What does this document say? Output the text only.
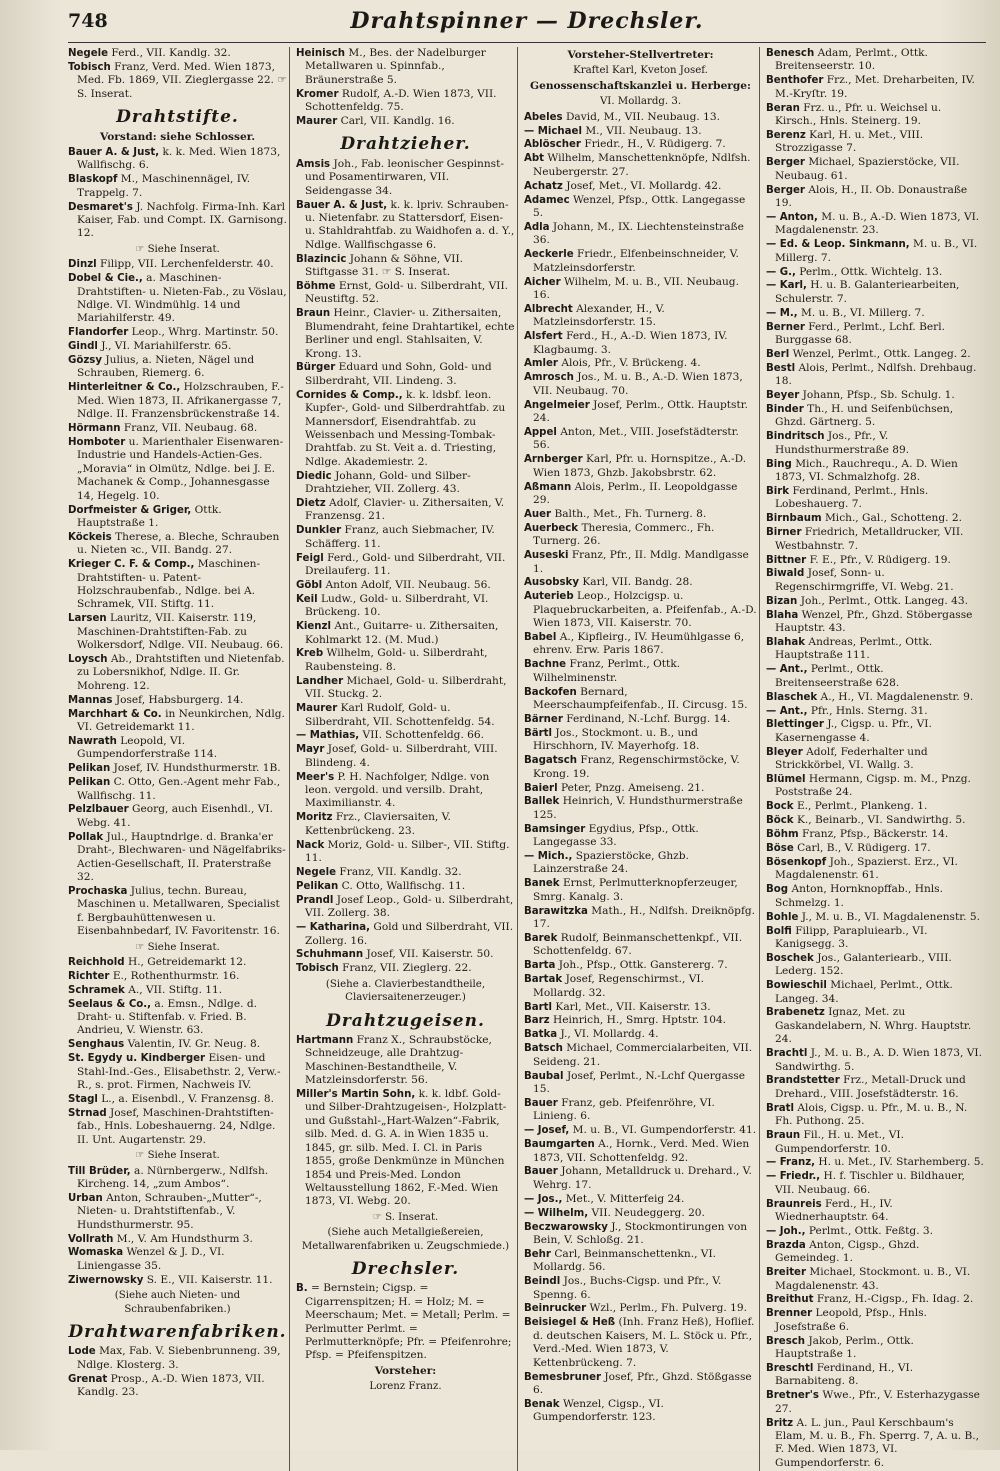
748	Drahtspinner — Drechsler.
Negele Ferd., VII. Kandlg. 32.
Tobisch Franz, Verd. Med. Wien 1873, Med. Fb. 1869, VII. Zieglergasse 22. ☞ S. Inserat.
Drahtstifte.
Vorstand: siehe Schlosser.
Bauer A. & Just, k. k. Med. Wien 1873, Wallfischg. 6.
Blaskopf M., Maschinennägel, IV. Trappelg. 7.
Desmaret's J. Nachfolg. Firma-Inh. Karl Kaiser, Fab. und Compt. IX. Garnisong. 12.
☞ Siehe Inserat.
Dinzl Filipp, VII. Lerchenfelderstr. 40.
Dobel & Cie., a. Maschinen-Drahtstiften- u. Nieten-Fab., zu Vöslau, Ndlge. VI. Windmühlg. 14 und Mariahilferstr. 49.
Flandorfer Leop., Whrg. Martinstr. 50.
Gindl J., VI. Mariahilferstr. 65.
Gözsy Julius, a. Nieten, Nägel und Schrauben, Riemerg. 6.
Hinterleitner & Co., Holzschrauben, F.-Med. Wien 1873, II. Afrikanergasse 7, Ndlge. II. Franzensbrückenstraße 14.
Hörmann Franz, VII. Neubaug. 68.
Homboter u. Marienthaler Eisenwaren-Industrie und Handels-Actien-Ges. „Moravia“ in Olmütz, Ndlge. bei J. E. Machanek & Comp., Johannesgasse 14, Hegelg. 10.
Dorfmeister & Griger, Ottk. Hauptstraße 1.
Köckeis Therese, a. Bleche, Schrauben u. Nieten ꝛc., VII. Bandg. 27.
Krieger C. F. & Comp., Maschinen-Drahtstiften- u. Patent-Holzschraubenfab., Ndlge. bei A. Schramek, VII. Stiftg. 11.
Larsen Lauritz, VII. Kaiserstr. 119, Maschinen-Drahtstiften-Fab. zu Wolkersdorf, Ndlge. VII. Neubaug. 66.
Loysch Ab., Drahtstiften und Nietenfab. zu Lobersnikhof, Ndlge. II. Gr. Mohreng. 12.
Mannas Josef, Habsburgerg. 14.
Marchhart & Co. in Neunkirchen, Ndlg. VI. Getreidemarkt 11.
Nawrath Leopold, VI. Gumpendorferstraße 114.
Pelikan Josef, IV. Hundsthurmerstr. 1B.
Pelikan C. Otto, Gen.-Agent mehr Fab., Wallfischg. 11.
Pelzlbauer Georg, auch Eisenhdl., VI. Webg. 41.
Pollak Jul., Hauptndrlge. d. Branka'er Draht-, Blechwaren- und Nägelfabriks-Actien-Gesellschaft, II. Praterstraße 32.
Prochaska Julius, techn. Bureau, Maschinen u. Metallwaren, Specialist f. Bergbauhüttenwesen u. Eisenbahnbedarf, IV. Favoritenstr. 16.
☞ Siehe Inserat.
Reichhold H., Getreidemarkt 12.
Richter E., Rothenthurmstr. 16.
Schramek A., VII. Stiftg. 11.
Seelaus & Co., a. Emsn., Ndlge. d. Draht- u. Stiftenfab. v. Fried. B. Andrieu, V. Wienstr. 63.
Senghaus Valentin, IV. Gr. Neug. 8.
St. Egydy u. Kindberger Eisen- und Stahl-Ind.-Ges., Elisabethstr. 2, Verw.-R., s. prot. Firmen, Nachweis IV.
Stagl L., a. Eisenbdl., V. Franzensg. 8.
Strnad Josef, Maschinen-Drahtstiften-fab., Hnls. Lobeshauerng. 24, Ndlge. II. Unt. Augartenstr. 29.
☞ Siehe Inserat.
Till Brüder, a. Nürnbergerw., Ndlfsh. Kircheng. 14, „zum Ambos“.
Urban Anton, Schrauben-„Mutter“-, Nieten- u. Drahtstiftenfab., V. Hundsthurmerstr. 95.
Vollrath M., V. Am Hundsthurm 3.
Womaska Wenzel & J. D., VI. Liniengasse 35.
Ziwernowsky S. E., VII. Kaiserstr. 11.
(Siehe auch Nieten- und Schraubenfabriken.)
Drahtwarenfabriken.
Lode Max, Fab. V. Siebenbrunneng. 39, Ndlge. Klosterg. 3.
Grenat Prosp., A.-D. Wien 1873, VII. Kandlg. 23.
Heinisch M., Bes. der Nadelburger Metallwaren u. Spinnfab., Bräunerstraße 5.
Kromer Rudolf, A.-D. Wien 1873, VII. Schottenfeldg. 75.
Maurer Carl, VII. Kandlg. 16.
Drahtzieher.
Amsis Joh., Fab. leonischer Gespinnst- und Posamentirwaren, VII. Seidengasse 34.
Bauer A. & Just, k. k. lpriv. Schrauben- u. Nietenfabr. zu Stattersdorf, Eisen- u. Stahldrahtfab. zu Waidhofen a. d. Y., Ndlge. Wallfischgasse 6.
Blazincic Johann & Söhne, VII. Stiftgasse 31. ☞ S. Inserat.
Böhme Ernst, Gold- u. Silberdraht, VII. Neustiftg. 52.
Braun Heinr., Clavier- u. Zithersaiten, Blumendraht, feine Drahtartikel, echte Berliner und engl. Stahlsaiten, V. Krong. 13.
Bürger Eduard und Sohn, Gold- und Silberdraht, VII. Lindeng. 3.
Cornides & Comp., k. k. ldsbf. leon. Kupfer-, Gold- und Silberdrahtfab. zu Mannersdorf, Eisendrahtfab. zu Weissenbach und Messing-Tombak-Drahtfab. zu St. Veit a. d. Triesting, Ndlge. Akademiestr. 2.
Diedic Johann, Gold- und Silber-Drahtzieher, VII. Zollerg. 43.
Dietz Adolf, Clavier- u. Zithersaiten, V. Franzensg. 21.
Dunkler Franz, auch Siebmacher, IV. Schäfferg. 11.
Feigl Ferd., Gold- und Silberdraht, VII. Dreilauferg. 11.
Göbl Anton Adolf, VII. Neubaug. 56.
Keil Ludw., Gold- u. Silberdraht, VI. Brückeng. 10.
Kienzl Ant., Guitarre- u. Zithersaiten, Kohlmarkt 12. (M. Mud.)
Kreb Wilhelm, Gold- u. Silberdraht, Raubensteing. 8.
Landher Michael, Gold- u. Silberdraht, VII. Stuckg. 2.
Maurer Karl Rudolf, Gold- u. Silberdraht, VII. Schottenfeldg. 54.
— Mathias, VII. Schottenfeldg. 66.
Mayr Josef, Gold- u. Silberdraht, VIII. Blindeng. 4.
Meer's P. H. Nachfolger, Ndlge. von leon. vergold. und versilb. Draht, Maximilianstr. 4.
Moritz Frz., Claviersaiten, V. Kettenbrückeng. 23.
Nack Moriz, Gold- u. Silber-, VII. Stiftg. 11.
Negele Franz, VII. Kandlg. 32.
Pelikan C. Otto, Wallfischg. 11.
Prandl Josef Leop., Gold- u. Silberdraht, VII. Zollerg. 38.
— Katharina, Gold und Silberdraht, VII. Zollerg. 16.
Schuhmann Josef, VII. Kaiserstr. 50.
Tobisch Franz, VII. Zieglerg. 22.
(Siehe a. Clavierbestandtheile, Claviersaitenerzeuger.)
Drahtzugeisen.
Hartmann Franz X., Schraubstöcke, Schneidzeuge, alle Drahtzug-Maschinen-Bestandtheile, V. Matzleinsdorferstr. 56.
Miller's Martin Sohn, k. k. ldbf. Gold- und Silber-Drahtzugeisen-, Holzplatt- und Gußstahl-„Hart-Walzen“-Fabrik, silb. Med. d. G. A. in Wien 1835 u. 1845, gr. silb. Med. I. Cl. in Paris 1855, große Denkmünze in München 1854 und Preis-Med. London Weltausstellung 1862, F.-Med. Wien 1873, VI. Webg. 20.
☞ S. Inserat.
(Siehe auch Metallgießereien, Metallwarenfabriken u. Zeugschmiede.)
Drechsler.
B. = Bernstein; Cigsp. = Cigarrenspitzen; H. = Holz; M. = Meerschaum; Met. = Metall; Perlm. = Perlmutter Perlmt. = Perlmutterknöpfe; Pfr. = Pfeifenrohre; Pfsp. = Pfeifenspitzen.
Vorsteher:
Lorenz Franz.
Vorsteher-Stellvertreter:
Kraftel Karl, Kveton Josef.
Genossenschaftskanzlei u. Herberge:
VI. Mollardg. 3.
Abeles David, M., VII. Neubaug. 13.
— Michael M., VII. Neubaug. 13.
Ablöscher Friedr., H., V. Rüdigerg. 7.
Abt Wilhelm, Manschettenknöpfe, Ndlfsh. Neubergerstr. 27.
Achatz Josef, Met., VI. Mollardg. 42.
Adamec Wenzel, Pfsp., Ottk. Langegasse 5.
Adla Johann, M., IX. Liechtensteinstraße 36.
Aeckerle Friedr., Elfenbeinschneider, V. Matzleinsdorferstr.
Aicher Wilhelm, M. u. B., VII. Neubaug. 16.
Albrecht Alexander, H., V. Matzleinsdorferstr. 15.
Alsfert Ferd., H., A.-D. Wien 1873, IV. Klagbaumg. 3.
Amler Alois, Pfr., V. Brückeng. 4.
Amrosch Jos., M. u. B., A.-D. Wien 1873, VII. Neubaug. 70.
Angelmeier Josef, Perlm., Ottk. Hauptstr. 24.
Appel Anton, Met., VIII. Josefstädterstr. 56.
Arnberger Karl, Pfr. u. Hornspitze., A.-D. Wien 1873, Ghzb. Jakobsbrstr. 62.
Aßmann Alois, Perlm., II. Leopoldgasse 29.
Auer Balth., Met., Fh. Turnerg. 8.
Auerbeck Theresia, Commerc., Fh. Turnerg. 26.
Auseski Franz, Pfr., II. Mdlg. Mandlgasse 1.
Ausobsky Karl, VII. Bandg. 28.
Auterieb Leop., Holzcigsp. u. Plaquebruckarbeiten, a. Pfeifenfab., A.-D. Wien 1873, VII. Kaiserstr. 70.
Babel A., Kipfleirg., IV. Heumühlgasse 6, ehrenv. Erw. Paris 1867.
Bachne Franz, Perlmt., Ottk. Wilhelminenstr.
Backofen Bernard, Meerschaumpfeifenfab., II. Circusg. 15.
Bärner Ferdinand, N.-Lchf. Burgg. 14.
Bärtl Jos., Stockmont. u. B., und Hirschhorn, IV. Mayerhofg. 18.
Bagatsch Franz, Regenschirmstöcke, V. Krong. 19.
Baierl Peter, Pnzg. Ameiseng. 21.
Ballek Heinrich, V. Hundsthurmerstraße 125.
Bamsinger Egydius, Pfsp., Ottk. Langegasse 33.
— Mich., Spazierstöcke, Ghzb. Lainzerstraße 24.
Banek Ernst, Perlmutterknopferzeuger, Smrg. Kanalg. 3.
Barawitzka Math., H., Ndlfsh. Dreiknöpfg. 17.
Barek Rudolf, Beinmanschettenkpf., VII. Schottenfeldg. 67.
Barta Joh., Pfsp., Ottk. Ganstererg. 7.
Bartak Josef, Regenschirmst., VI. Mollardg. 32.
Bartl Karl, Met., VII. Kaiserstr. 13.
Barz Heinrich, H., Smrg. Hptstr. 104.
Batka J., VI. Mollardg. 4.
Batsch Michael, Commercialarbeiten, VII. Seideng. 21.
Baubal Josef, Perlmt., N.-Lchf Quergasse 15.
Bauer Franz, geb. Pfeifenröhre, VI. Linieng. 6.
— Josef, M. u. B., VI. Gumpendorferstr. 41.
Baumgarten A., Hornk., Verd. Med. Wien 1873, VII. Schottenfeldg. 92.
Bauer Johann, Metalldruck u. Drehard., V. Wehrg. 17.
— Jos., Met., V. Mitterfeig 24.
— Wilhelm, VII. Neudeggerg. 20.
Beczwarowsky J., Stockmontirungen von Bein, V. Schloßg. 21.
Behr Carl, Beinmanschettenkn., VI. Mollardg. 56.
Beindl Jos., Buchs-Cigsp. und Pfr., V. Spenng. 6.
Beinrucker Wzl., Perlm., Fh. Pulverg. 19.
Beisiegel & Heß (Inh. Franz Heß), Hoflief. d. deutschen Kaisers, M. L. Stöck u. Pfr., Verd.-Med. Wien 1873, V. Kettenbrückeng. 7.
Bemesbruner Josef, Pfr., Ghzd. Stößgasse 6.
Benak Wenzel, Cigsp., VI. Gumpendorferstr. 123.
Benesch Adam, Perlmt., Ottk. Breitenseerstr. 10.
Benthofer Frz., Met. Dreharbeiten, IV. M.-Kryſtr. 19.
Beran Frz. u., Pfr. u. Weichsel u. Kirsch., Hnls. Steinerg. 19.
Berenz Karl, H. u. Met., VIII. Strozzigasse 7.
Berger Michael, Spazierstöcke, VII. Neubaug. 61.
Berger Alois, H., II. Ob. Donaustraße 19.
— Anton, M. u. B., A.-D. Wien 1873, VI. Magdalenenstr. 23.
— Ed. & Leop. Sinkmann, M. u. B., VI. Millerg. 7.
— G., Perlm., Ottk. Wichtelg. 13.
— Karl, H. u. B. Galanteriearbeiten, Schulerstr. 7.
— M., M. u. B., VI. Millerg. 7.
Berner Ferd., Perlmt., Lchf. Berl. Burggasse 68.
Berl Wenzel, Perlmt., Ottk. Langeg. 2.
Bestl Alois, Perlmt., Ndlfsh. Drehbaug. 18.
Beyer Johann, Pfsp., Sb. Schulg. 1.
Binder Th., H. und Seifenbüchsen, Ghzd. Gärtnerg. 5.
Bindritsch Jos., Pfr., V. Hundsthurmerstraße 89.
Bing Mich., Rauchrequ., A. D. Wien 1873, VI. Schmalzhofg. 28.
Birk Ferdinand, Perlmt., Hnls. Lobeshauerg. 7.
Birnbaum Mich., Gal., Schotteng. 2.
Birner Friedrich, Metalldrucker, VII. Westbahnstr. 7.
Bittner F. E., Pfr., V. Rüdigerg. 19.
Biwald Josef, Sonn- u. Regenschirmgriffe, VI. Webg. 21.
Bizan Joh., Perlmt., Ottk. Langeg. 43.
Blaha Wenzel, Pfr., Ghzd. Stöbergasse Hauptstr. 43.
Blahak Andreas, Perlmt., Ottk. Hauptstraße 111.
— Ant., Perlmt., Ottk. Breitenseerstraße 628.
Blaschek A., H., VI. Magdalenenstr. 9.
— Ant., Pfr., Hnls. Sterng. 31.
Blettinger J., Cigsp. u. Pfr., VI. Kasernengasse 4.
Bleyer Adolf, Federhalter und Strickkörbel, VI. Wallg. 3.
Blümel Hermann, Cigsp. m. M., Pnzg. Poststraße 24.
Bock E., Perlmt., Plankeng. 1.
Böck K., Beinarb., VI. Sandwirthg. 5.
Böhm Franz, Pfsp., Bäckerstr. 14.
Böse Carl, B., V. Rüdigerg. 17.
Bösenkopf Joh., Spazierst. Erz., VI. Magdalenenstr. 61.
Bog Anton, Hornknopffab., Hnls. Schmelzg. 1.
Bohle J., M. u. B., VI. Magdalenenstr. 5.
Bolfi Filipp, Parapluiearb., VI. Kanigsegg. 3.
Boschek Jos., Galanteriearb., VIII. Lederg. 152.
Bowieschil Michael, Perlmt., Ottk. Langeg. 34.
Brabenetz Ignaz, Met. zu Gaskandelabern, N. Whrg. Hauptstr. 24.
Brachtl J., M. u. B., A. D. Wien 1873, VI. Sandwirthg. 5.
Brandstetter Frz., Metall-Druck und Drehard., VIII. Josefstädterstr. 16.
Bratl Alois, Cigsp. u. Pfr., M. u. B., N. Fh. Puthong. 25.
Braun Fil., H. u. Met., VI. Gumpendorferstr. 10.
— Franz, H. u. Met., IV. Starhemberg. 5.
— Friedr., H. f. Tischler u. Bildhauer, VII. Neubaug. 66.
Braunreis Ferd., H., IV. Wiednerhauptstr. 64.
— Joh., Perlmt., Ottk. Feßtg. 3.
Brazda Anton, Cigsp., Ghzd. Gemeindeg. 1.
Breiter Michael, Stockmont. u. B., VI. Magdalenenstr. 43.
Breithut Franz, H.-Cigsp., Fh. Idag. 2.
Brenner Leopold, Pfsp., Hnls. Josefstraße 6.
Bresch Jakob, Perlm., Ottk. Hauptstraße 1.
Breschtl Ferdinand, H., VI. Barnabiteng. 8.
Bretner's Wwe., Pfr., V. Esterhazygasse 27.
Britz A. L. jun., Paul Kerschbaum's Elam, M. u. B., Fh. Sperrg. 7, A. u. B., F. Med. Wien 1873, VI. Gumpendorferstr. 6.
